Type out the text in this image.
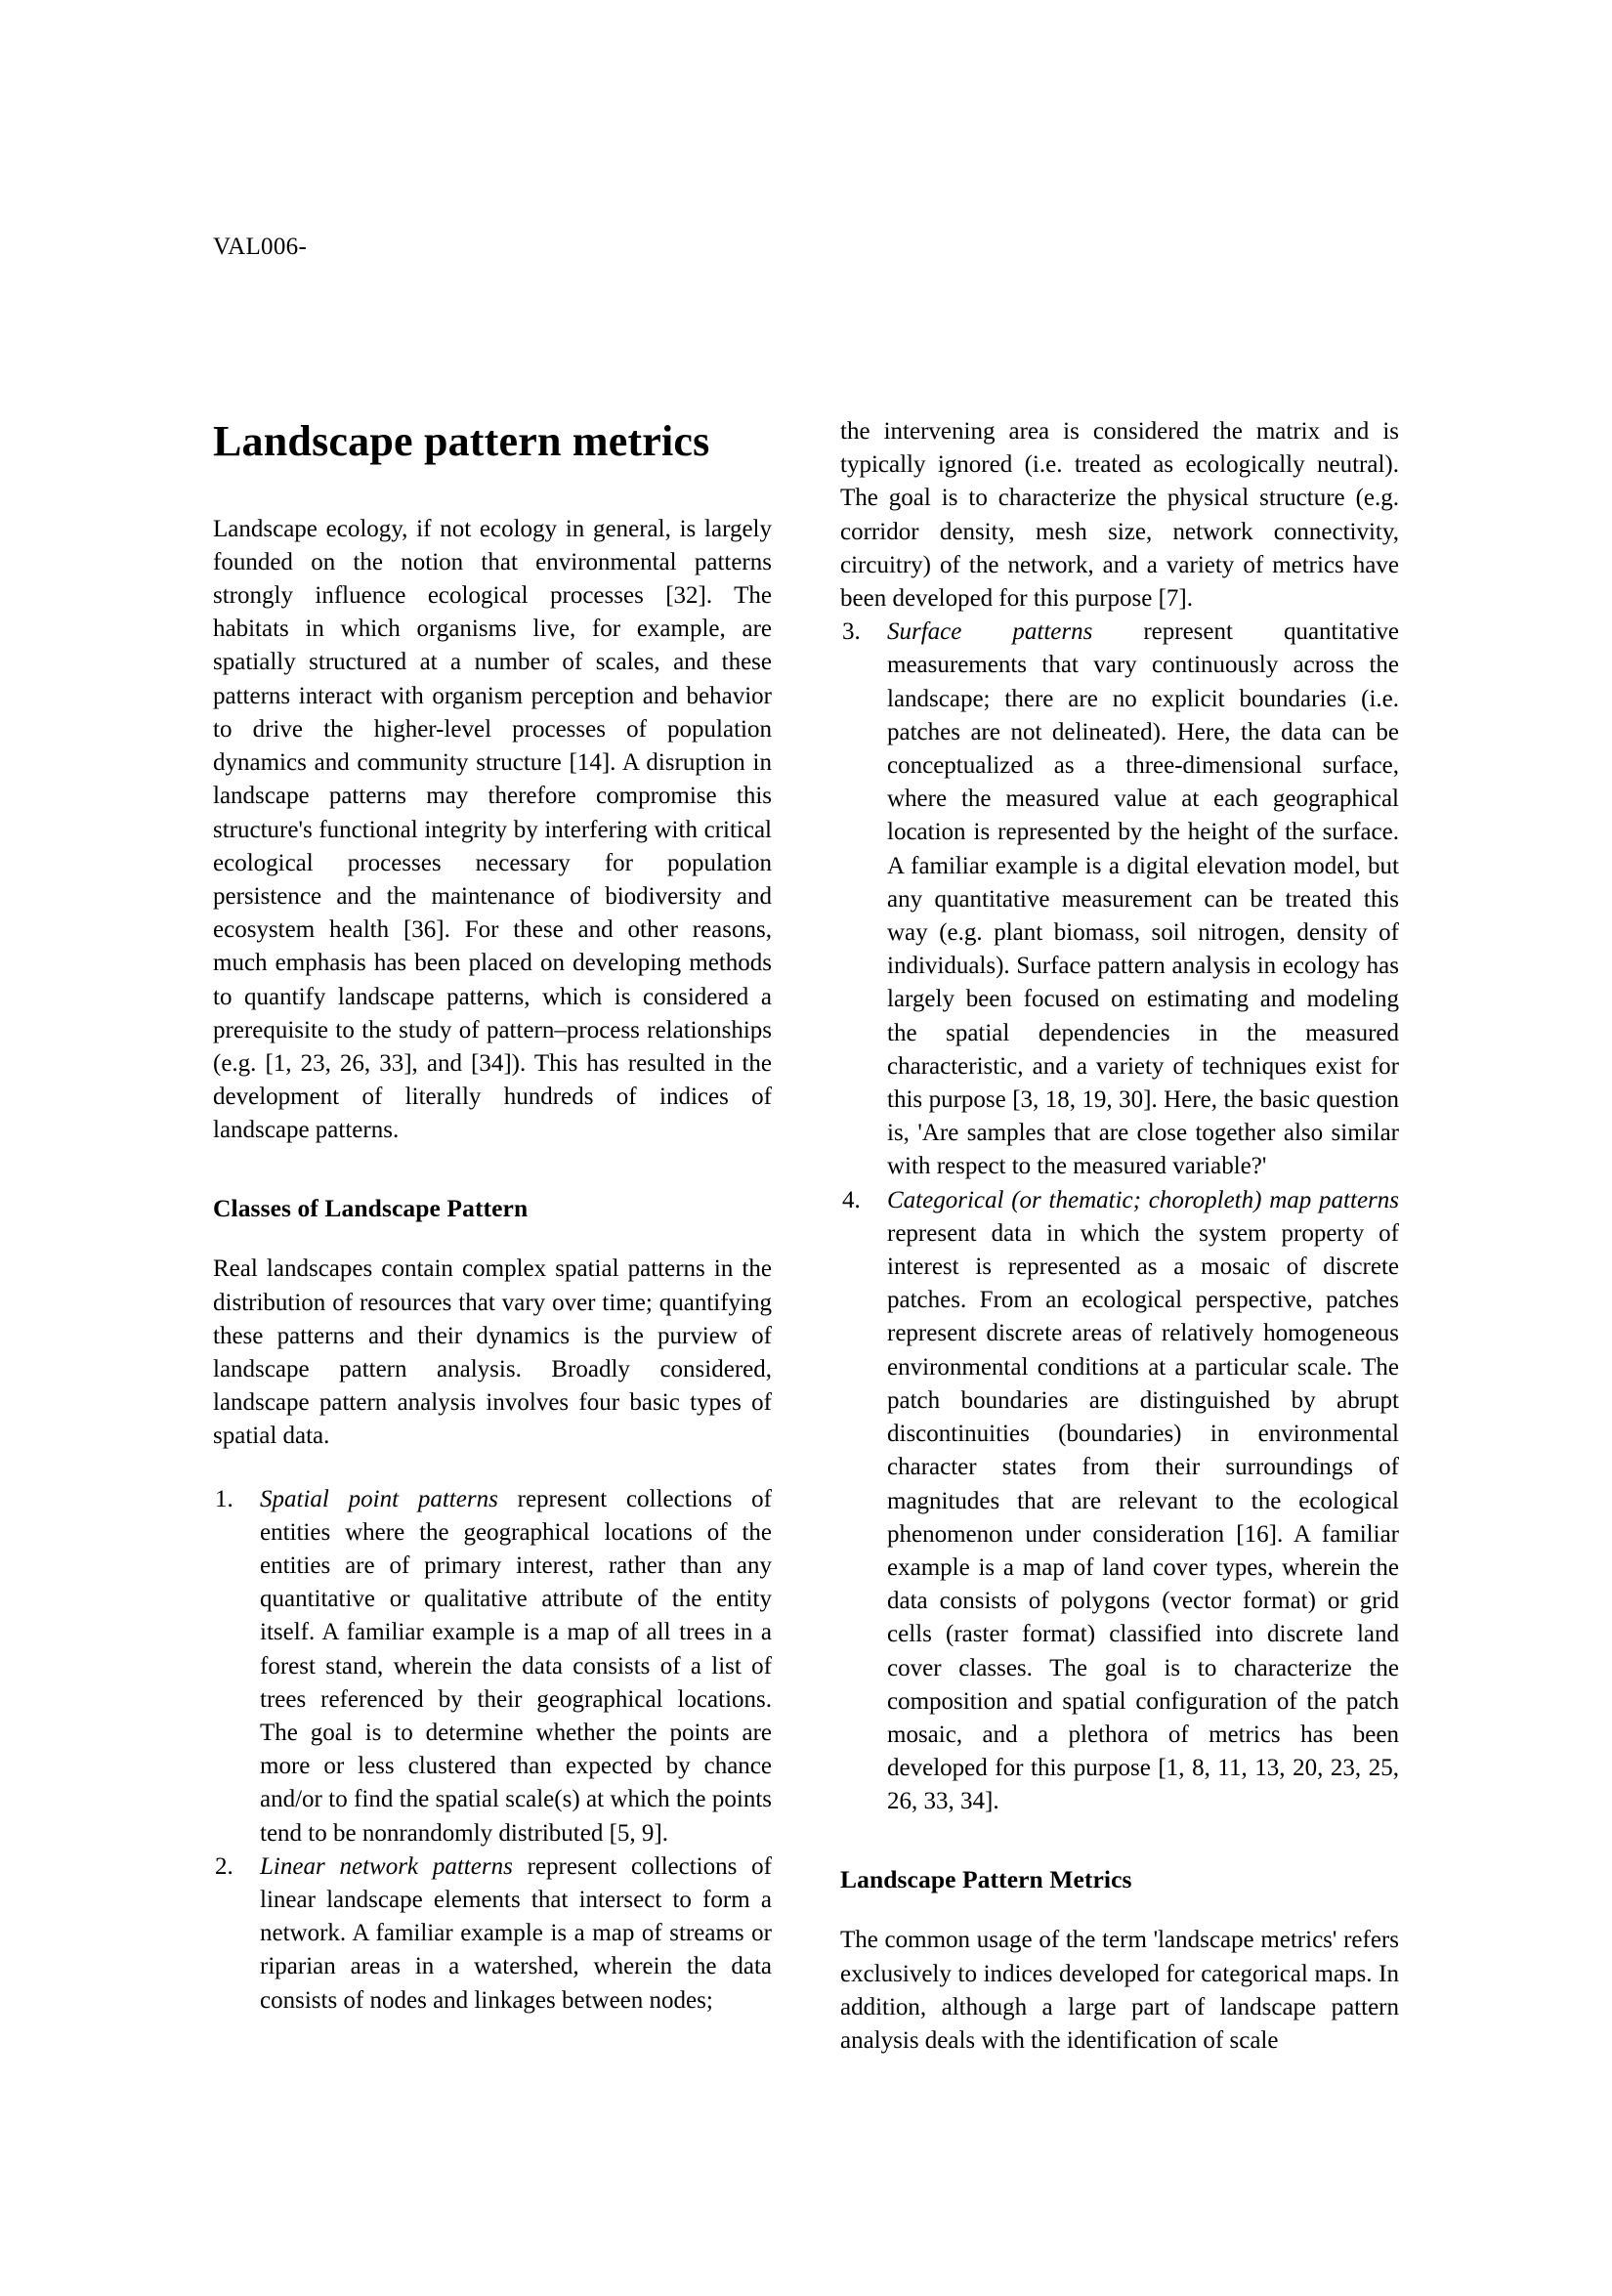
VAL006-
Landscape pattern metrics

Landscape ecology, if not ecology in general, is largely founded on the notion that environmental patterns strongly influence ecological processes [32]. The habitats in which organisms live, for example, are spatially structured at a number of scales, and these patterns interact with organism perception and behavior to drive the higher-level processes of population dynamics and community structure [14]. A disruption in landscape patterns may therefore compromise this structure's functional integrity by interfering with critical ecological processes necessary for population persistence and the maintenance of biodiversity and ecosystem health [36]. For these and other reasons, much emphasis has been placed on developing methods to quantify landscape patterns, which is considered a prerequisite to the study of pattern–process relationships (e.g. [1, 23, 26, 33], and [34]). This has resulted in the development of literally hundreds of indices of landscape patterns.

Classes of Landscape Pattern

Real landscapes contain complex spatial patterns in the distribution of resources that vary over time; quantifying these patterns and their dynamics is the purview of landscape pattern analysis. Broadly considered, landscape pattern analysis involves four basic types of spatial data.

1.	Spatial point patterns represent collections of entities where the geographical locations of the entities are of primary interest, rather than any quantitative or qualitative attribute of the entity itself. A familiar example is a map of all trees in a forest stand, wherein the data consists of a list of trees referenced by their geographical locations. The goal is to determine whether the points are more or less clustered than expected by chance and/or to find the spatial scale(s) at which the points tend to be nonrandomly distributed [5, 9].
2.	Linear network patterns represent collections of linear landscape elements that intersect to form a network. A familiar example is a map of streams or riparian areas in a watershed, wherein the data consists of nodes and linkages between nodes;

the intervening area is considered the matrix and is typically ignored (i.e. treated as ecologically neutral). The goal is to characterize the physical structure (e.g. corridor density, mesh size, network connectivity, circuitry) of the network, and a variety of metrics have been developed for this purpose [7].

3.	Surface patterns represent quantitative measurements that vary continuously across the landscape; there are no explicit boundaries (i.e. patches are not delineated). Here, the data can be conceptualized as a three-dimensional surface, where the measured value at each geographical location is represented by the height of the surface. A familiar example is a digital elevation model, but any quantitative measurement can be treated this way (e.g. plant biomass, soil nitrogen, density of individuals). Surface pattern analysis in ecology has largely been focused on estimating and modeling the spatial dependencies in the measured characteristic, and a variety of techniques exist for this purpose [3, 18, 19, 30]. Here, the basic question is, 'Are samples that are close together also similar with respect to the measured variable?'
4.	Categorical (or thematic; choropleth) map patterns represent data in which the system property of interest is represented as a mosaic of discrete patches. From an ecological perspective, patches represent discrete areas of relatively homogeneous environmental conditions at a particular scale. The patch boundaries are distinguished by abrupt discontinuities (boundaries) in environmental character states from their surroundings of magnitudes that are relevant to the ecological phenomenon under consideration [16]. A familiar example is a map of land cover types, wherein the data consists of polygons (vector format) or grid cells (raster format) classified into discrete land cover classes. The goal is to characterize the composition and spatial configuration of the patch mosaic, and a plethora of metrics has been developed for this purpose [1, 8, 11, 13, 20, 23, 25, 26, 33, 34].
Landscape Pattern Metrics

The common usage of the term 'landscape metrics' refers exclusively to indices developed for categorical maps. In addition, although a large part of landscape pattern analysis deals with the identification of scale
